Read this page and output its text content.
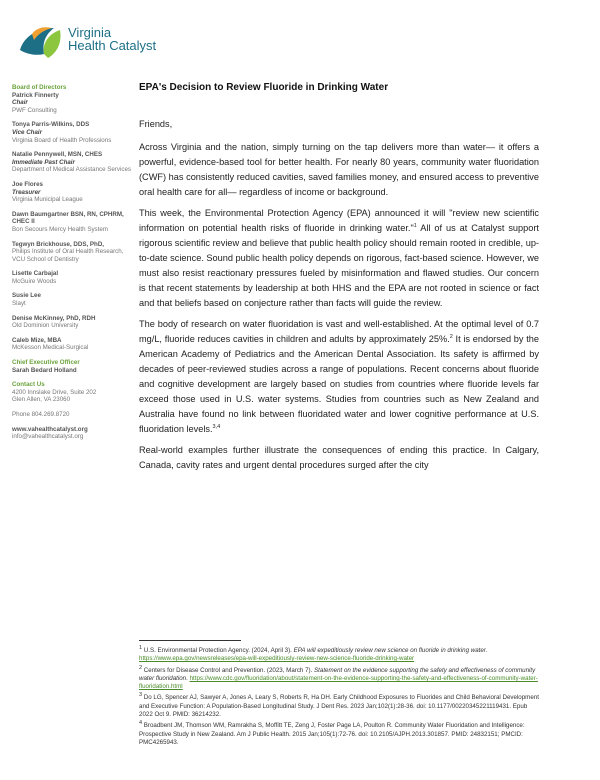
Virginia
Health Catalyst
Board of Directors
Patrick Finnerty
Chair
PWF Consulting
Tonya Parris-Wilkins, DDS
Vice Chair
Virginia Board of Health Professions
Natalie Pennywell, MSN, CHES
Immediate Past Chair
Department of Medical Assistance Services
Joe Flores
Treasurer
Virginia Municipal League
Dawn Baumgartner BSN, RN, CPHRM, CHEC II
Bon Secours Mercy Health System
Tegwyn Brickhouse, DDS, PhD,
Philips Institute of Oral Health Research, VCU School of Dentistry
Lisette Carbajal
McGuire Woods
Susie Lee
Slayt
Denise McKinney, PhD, RDH
Old Dominion University
Caleb Mize, MBA
McKesson Medical-Surgical
Chief Executive Officer
Sarah Bedard Holland
Contact Us
4200 Innslake Drive, Suite 202
Glen Allen, VA 23060
Phone 804.269.8720
www.vahealthcatalyst.org
info@vahealthcatalyst.org
EPA's Decision to Review Fluoride in Drinking Water

Friends,

Across Virginia and the nation, simply turning on the tap delivers more than water— it offers a powerful, evidence-based tool for better health. For nearly 80 years, community water fluoridation (CWF) has consistently reduced cavities, saved families money, and ensured access to preventive oral health care for all— regardless of income or background.

This week, the Environmental Protection Agency (EPA) announced it will "review new scientific information on potential health risks of fluoride in drinking water."$^1$ All of us at Catalyst support rigorous scientific review and believe that public health policy should remain rooted in credible, up-to-date science. Sound public health policy depends on rigorous, fact-based science. However, we must also resist reactionary pressures fueled by misinformation and flawed studies. Our concern is that recent statements by leadership at both HHS and the EPA are not rooted in science or fact and that beliefs based on conjecture rather than facts will guide the review.

The body of research on water fluoridation is vast and well-established. At the optimal level of 0.7 mg/L, fluoride reduces cavities in children and adults by approximately 25%.$^2$ It is endorsed by the American Academy of Pediatrics and the American Dental Association. Its safety is affirmed by decades of peer-reviewed studies across a range of populations. Recent concerns about fluoride and cognitive development are largely based on studies from countries where fluoride levels far exceed those used in U.S. water systems. Studies from countries such as New Zealand and Australia have found no link between fluoridated water and lower cognitive performance at U.S. fluoridation levels.$^{3,4}$

Real-world examples further illustrate the consequences of ending this practice. In Calgary, Canada, cavity rates and urgent dental procedures surged after the city

$^1$ U.S. Environmental Protection Agency. (2024, April 3). EPA will expeditiously review new science on fluoride in drinking water. https://www.epa.gov/newsreleases/epa-will-expeditiously-review-new-science-fluoride-drinking-water
$^2$ Centers for Disease Control and Prevention. (2023, March 7). Statement on the evidence supporting the safety and effectiveness of community water fluoridation. https://www.cdc.gov/fluoridation/about/statement-on-the-evidence-supporting-the-safety-and-effectiveness-of-community-water-fluoridation.html
$^3$ Do LG, Spencer AJ, Sawyer A, Jones A, Leary S, Roberts R, Ha DH. Early Childhood Exposures to Fluorides and Child Behavioral Development and Executive Function: A Population-Based Longitudinal Study. J Dent Res. 2023 Jan;102(1):28-36. doi: 10.1177/00220345221119431. Epub 2022 Oct 9. PMID: 36214232.
$^4$ Broadbent JM, Thomson WM, Ramrakha S, Moffitt TE, Zeng J, Foster Page LA, Poulton R. Community Water Fluoridation and Intelligence: Prospective Study in New Zealand. Am J Public Health. 2015 Jan;105(1):72-76. doi: 10.2105/AJPH.2013.301857. PMID: 24832151; PMCID: PMC4265943.
